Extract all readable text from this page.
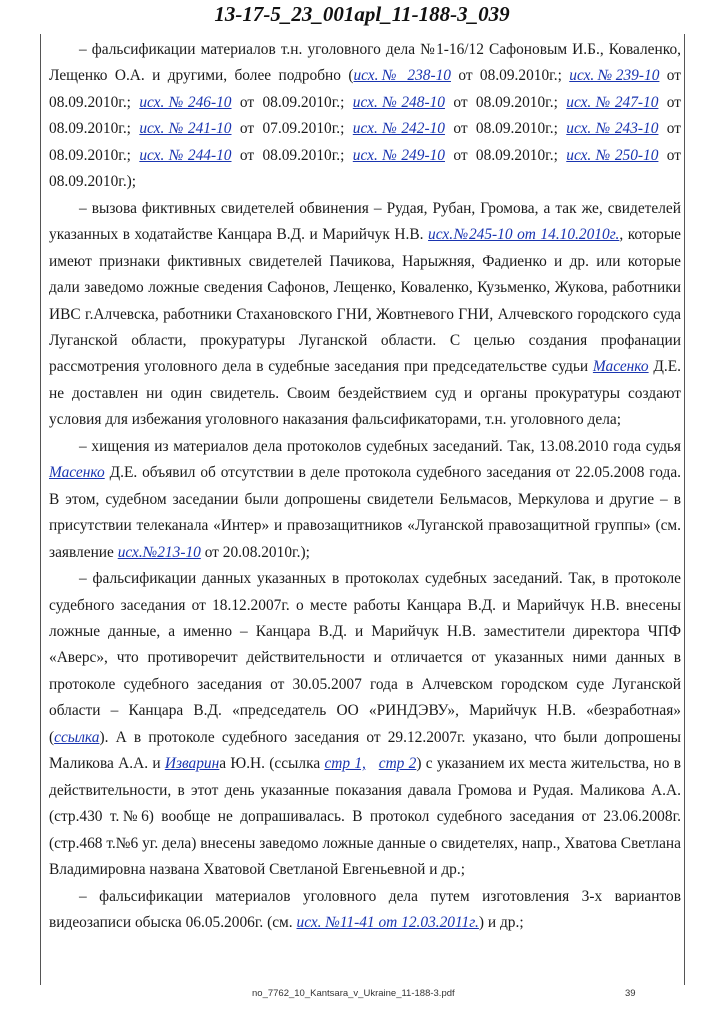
13-17-5_23_001apl_11-188-3_039

– фальсификации материалов т.н. уголовного дела №1-16/12 Сафоновым И.Б., Коваленко, Лещенко О.А. и другими, более подробно (исх.№ 238-10 от 08.09.2010г.; исх.№239-10 от 08.09.2010г.; исх.№246-10 от 08.09.2010г.; исх.№248-10 от 08.09.2010г.; исх.№247-10 от 08.09.2010г.; исх.№241-10 от 07.09.2010г.; исх.№242-10 от 08.09.2010г.; исх.№243-10 от 08.09.2010г.; исх.№244-10 от 08.09.2010г.; исх.№249-10 от 08.09.2010г.; исх.№250-10 от 08.09.2010г.);

– вызова фиктивных свидетелей обвинения – Рудая, Рубан, Громова, а так же, свидетелей указанных в ходатайстве Канцара В.Д. и Марийчук Н.В. исх.№245-10 от 14.10.2010г., которые имеют признаки фиктивных свидетелей Пачикова, Нарыжняя, Фадиенко и др. или которые дали заведомо ложные сведения Сафонов, Лещенко, Коваленко, Кузьменко, Жукова, работники ИВС г.Алчевска, работники Стахановского ГНИ, Жовтневого ГНИ, Алчевского городского суда Луганской области, прокуратуры Луганской области. С целью создания профанации рассмотрения уголовного дела в судебные заседания при председательстве судьи Масенко Д.Е. не доставлен ни один свидетель. Своим бездействием суд и органы прокуратуры создают условия для избежания уголовного наказания фальсификаторами, т.н. уголовного дела;

– хищения из материалов дела протоколов судебных заседаний. Так, 13.08.2010 года судья Масенко Д.Е. объявил об отсутствии в деле протокола судебного заседания от 22.05.2008 года. В этом, судебном заседании были допрошены свидетели Бельмасов, Меркулова и другие – в присутствии телеканала «Интер» и правозащитников «Луганской правозащитной группы» (см. заявление исх.№213-10 от 20.08.2010г.);

– фальсификации данных указанных в протоколах судебных заседаний. Так, в протоколе судебного заседания от 18.12.2007г. о месте работы Канцара В.Д. и Марийчук Н.В. внесены ложные данные, а именно – Канцара В.Д. и Марийчук Н.В. заместители директора ЧПФ «Аверс», что противоречит действительности и отличается от указанных ними данных в протоколе судебного заседания от 30.05.2007 года в Алчевском городском суде Луганской области – Канцара В.Д. «председатель ОО «РИНДЭВУ», Марийчук Н.В. «безработная» (ссылка). А в протоколе судебного заседания от 29.12.2007г. указано, что были допрошены Маликова А.А. и Изварина Ю.Н. (ссылка стр 1, стр 2) с указанием их места жительства, но в действительности, в этот день указанные показания давала Громова и Рудая. Маликова А.А. (стр.430 т.№6) вообще не допрашивалась. В протокол судебного заседания от 23.06.2008г. (стр.468 т.№6 уг. дела) внесены заведомо ложные данные о свидетелях, напр., Хватова Светлана Владимировна названа Хватовой Светланой Евгеньевной и др.;

– фальсификации материалов уголовного дела путем изготовления 3-х вариантов видеозаписи обыска 06.05.2006г. (см. исх. №11-41 от 12.03.2011г.) и др.;

no_7762_10_Kantsara_v_Ukraine_11-188-3.pdf	39
